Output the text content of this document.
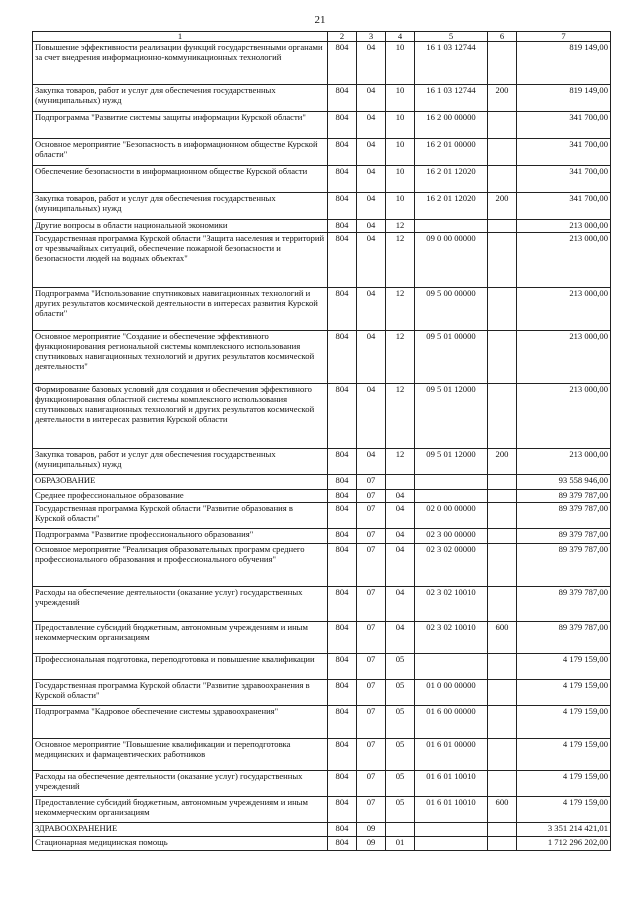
21
1	2	3	4	5	6	7
Повышение эффективности реализации функций государственными органами за счет внедрения информационно-коммуникационных технологий	804	04	10	16 1 03 12744		819 149,00
Закупка товаров, работ и услуг для обеспечения государственных (муниципальных) нужд	804	04	10	16 1 03 12744	200	819 149,00
Подпрограмма "Развитие системы защиты информации Курской области"	804	04	10	16 2 00 00000		341 700,00
Основное мероприятие "Безопасность в информационном обществе Курской области"	804	04	10	16 2 01 00000		341 700,00
Обеспечение безопасности в информационном обществе Курской области	804	04	10	16 2 01 12020		341 700,00
Закупка товаров, работ и услуг для обеспечения государственных (муниципальных) нужд	804	04	10	16 2 01 12020	200	341 700,00
Другие вопросы в области национальной экономики	804	04	12			213 000,00
Государственная программа Курской области "Защита населения и территорий от чрезвычайных ситуаций, обеспечение пожарной безопасности и безопасности людей на водных объектах"	804	04	12	09 0 00 00000		213 000,00
Подпрограмма "Использование спутниковых навигационных технологий и других результатов космической деятельности в интересах развития Курской области"	804	04	12	09 5 00 00000		213 000,00
Основное мероприятие "Создание и обеспечение эффективного функционирования региональной системы комплексного использования спутниковых навигационных технологий и других результатов космической деятельности"	804	04	12	09 5 01 00000		213 000,00
Формирование базовых условий для создания и обеспечения эффективного функционирования областной системы комплексного использования спутниковых навигационных технологий и других результатов космической деятельности в интересах развития Курской области	804	04	12	09 5 01 12000		213 000,00
Закупка товаров, работ и услуг для обеспечения государственных (муниципальных) нужд	804	04	12	09 5 01 12000	200	213 000,00
ОБРАЗОВАНИЕ	804	07				93 558 946,00
Среднее профессиональное образование	804	07	04			89 379 787,00
Государственная программа Курской области "Развитие образования в Курской области"	804	07	04	02 0 00 00000		89 379 787,00
Подпрограмма "Развитие профессионального образования"	804	07	04	02 3 00 00000		89 379 787,00
Основное мероприятие "Реализация образовательных программ среднего профессионального образования и профессионального обучения"	804	07	04	02 3 02 00000		89 379 787,00
Расходы на обеспечение деятельности (оказание услуг) государственных учреждений	804	07	04	02 3 02 10010		89 379 787,00
Предоставление субсидий бюджетным, автономным учреждениям и иным некоммерческим организациям	804	07	04	02 3 02 10010	600	89 379 787,00
Профессиональная подготовка, переподготовка и повышение квалификации	804	07	05			4 179 159,00
Государственная программа Курской области "Развитие здравоохранения в Курской области"	804	07	05	01 0 00 00000		4 179 159,00
Подпрограмма "Кадровое обеспечение системы здравоохранения"	804	07	05	01 6 00 00000		4 179 159,00
Основное мероприятие "Повышение квалификации и переподготовка медицинских и фармацевтических работников	804	07	05	01 6 01 00000		4 179 159,00
Расходы на обеспечение деятельности (оказание услуг) государственных учреждений	804	07	05	01 6 01 10010		4 179 159,00
Предоставление субсидий бюджетным, автономным учреждениям и иным некоммерческим организациям	804	07	05	01 6 01 10010	600	4 179 159,00
ЗДРАВООХРАНЕНИЕ	804	09				3 351 214 421,01
Стационарная медицинская помощь	804	09	01			1 712 296 202,00
